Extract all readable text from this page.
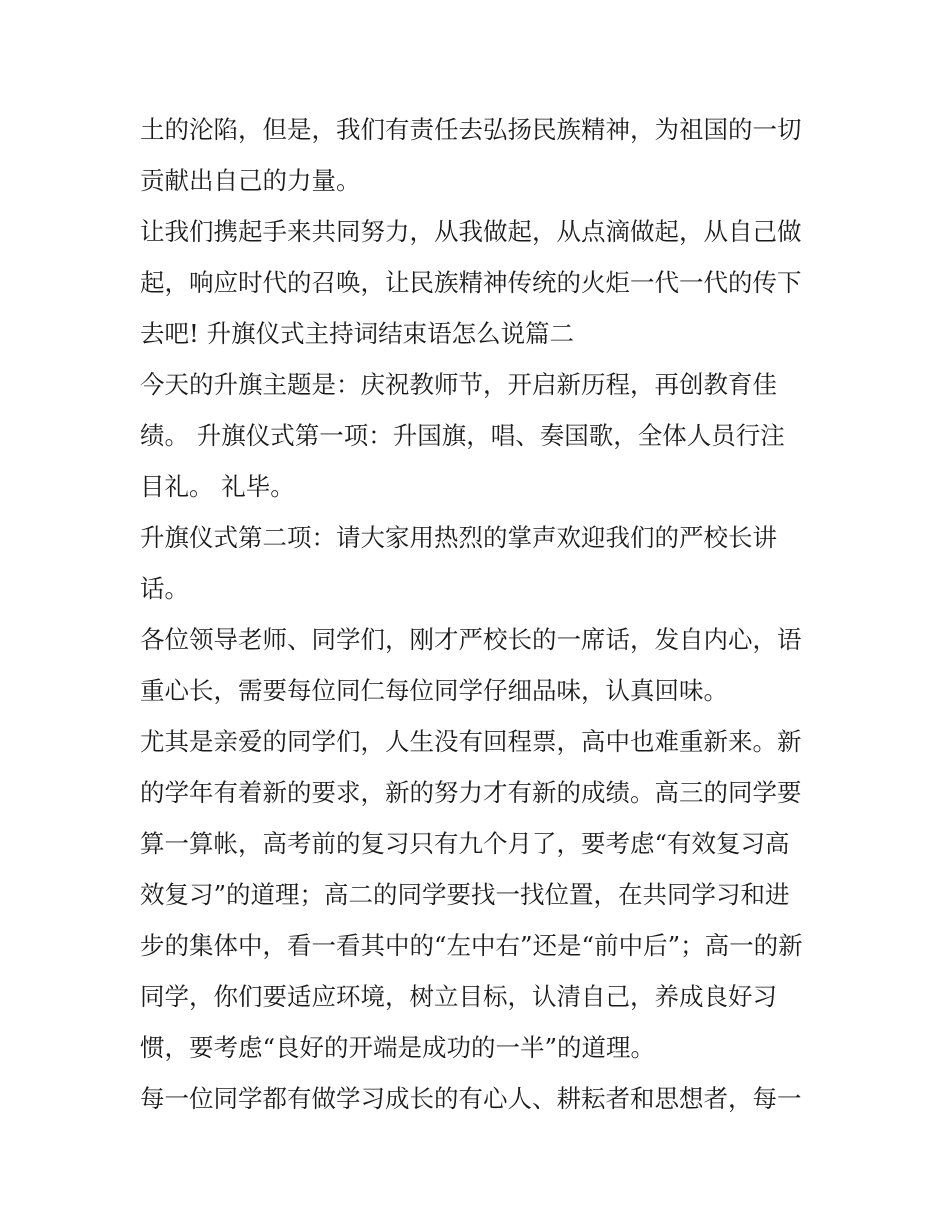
土的沦陷，但是，我们有责任去弘扬民族精神，为祖国的一切
贡献出自己的力量。
让我们携起手来共同努力，从我做起，从点滴做起，从自己做
起，响应时代的召唤，让民族精神传统的火炬一代一代的传下
去吧! 升旗仪式主持词结束语怎么说篇二
今天的升旗主题是：庆祝教师节，开启新历程，再创教育佳
绩。 升旗仪式第一项：升国旗，唱、奏国歌，全体人员行注
目礼。 礼毕。
升旗仪式第二项：请大家用热烈的掌声欢迎我们的严校长讲
话。
各位领导老师、同学们，刚才严校长的一席话，发自内心，语
重心长，需要每位同仁每位同学仔细品味，认真回味。
尤其是亲爱的同学们，人生没有回程票，高中也难重新来。新
的学年有着新的要求，新的努力才有新的成绩。高三的同学要
算一算帐，高考前的复习只有九个月了，要考虑“有效复习高
效复习”的道理；高二的同学要找一找位置，在共同学习和进
步的集体中，看一看其中的“左中右”还是“前中后”；高一的新
同学，你们要适应环境，树立目标，认清自己，养成良好习
惯，要考虑“良好的开端是成功的一半”的道理。
每一位同学都有做学习成长的有心人、耕耘者和思想者，每一
